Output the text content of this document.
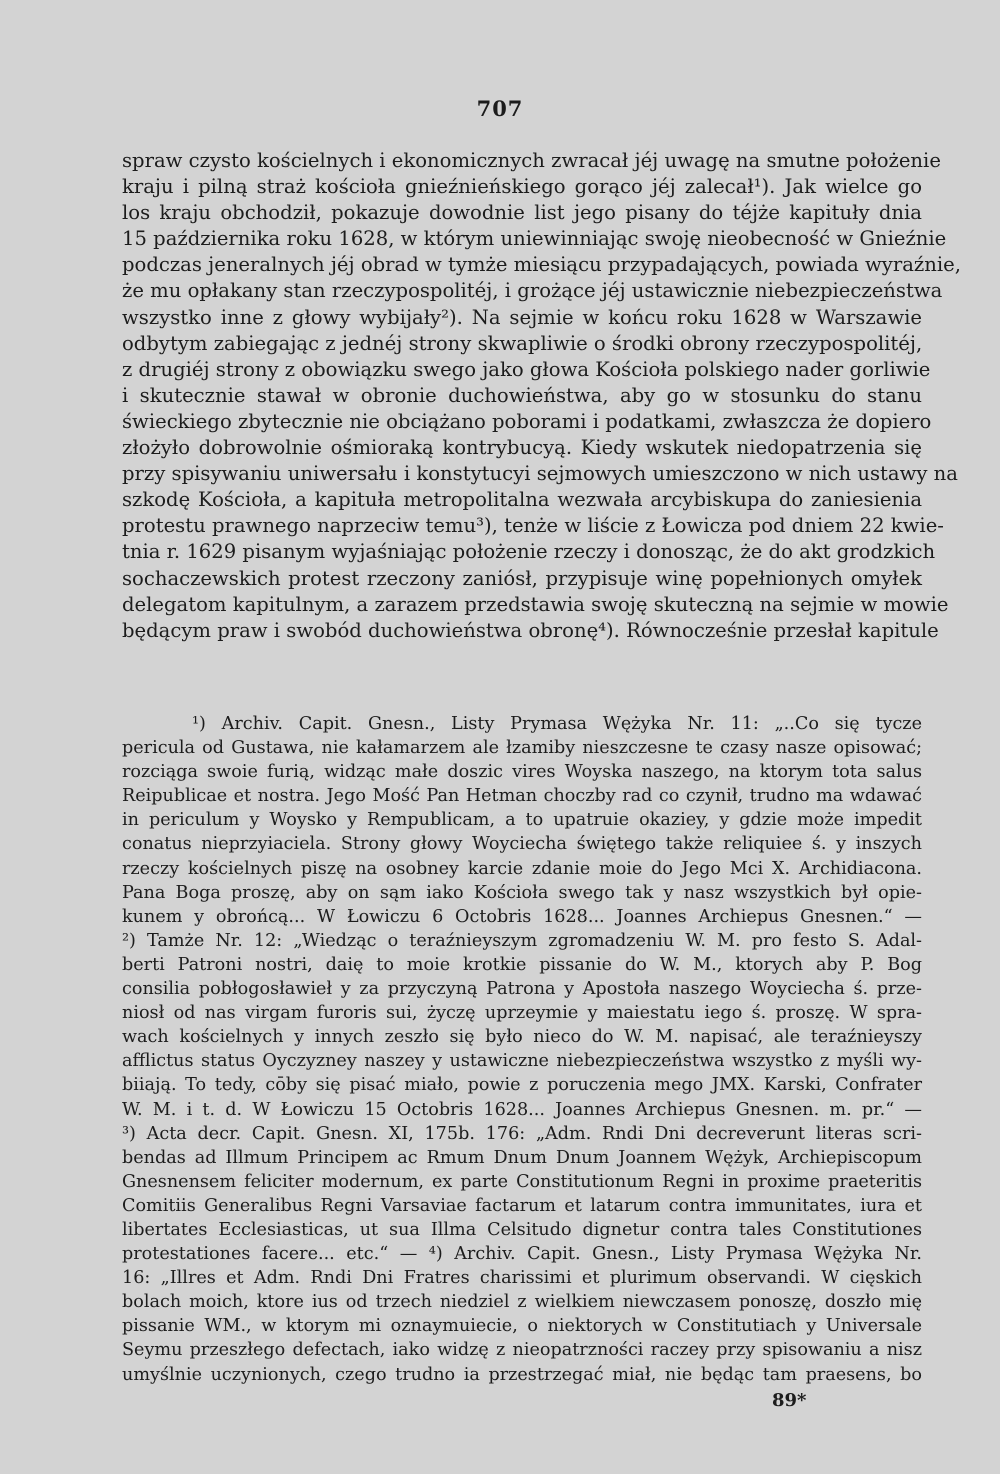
707
spraw czysto kościelnych i ekonomicznych zwracał jéj uwagę na smutne położenie
kraju i pilną straż kościoła gnieźnieńskiego gorąco jéj zalecał¹). Jak wielce go
los kraju obchodził, pokazuje dowodnie list jego pisany do téjże kapituły dnia
15 października roku 1628, w którym uniewinniając swoję nieobecność w Gnieźnie
podczas jeneralnych jéj obrad w tymże miesiącu przypadających, powiada wyraźnie,
że mu opłakany stan rzeczypospolitéj, i grożące jéj ustawicznie niebezpieczeństwa
wszystko inne z głowy wybijały²). Na sejmie w końcu roku 1628 w Warszawie
odbytym zabiegając z jednéj strony skwapliwie o środki obrony rzeczypospolitéj,
z drugiéj strony z obowiązku swego jako głowa Kościoła polskiego nader gorliwie
i skutecznie stawał w obronie duchowieństwa, aby go w stosunku do stanu
świeckiego zbytecznie nie obciążano poborami i podatkami, zwłaszcza że dopiero
złożyło dobrowolnie ośmioraką kontrybucyą. Kiedy wskutek niedopatrzenia się
przy spisywaniu uniwersału i konstytucyi sejmowych umieszczono w nich ustawy na
szkodę Kościoła, a kapituła metropolitalna wezwała arcybiskupa do zaniesienia
protestu prawnego naprzeciw temu³), tenże w liście z Łowicza pod dniem 22 kwie-
tnia r. 1629 pisanym wyjaśniając położenie rzeczy i donosząc, że do akt grodzkich
sochaczewskich protest rzeczony zaniósł, przypisuje winę popełnionych omyłek
delegatom kapitulnym, a zarazem przedstawia swoję skuteczną na sejmie w mowie
będącym praw i swobód duchowieństwa obronę⁴). Równocześnie przesłał kapitule
¹) Archiv. Capit. Gnesn., Listy Prymasa Wężyka Nr. 11: „..Co się tycze
pericula od Gustawa, nie kałamarzem ale łzamiby nieszczesne te czasy nasze opisować;
rozciąga swoie furią, widząc małe doszic vires Woyska naszego, na ktorym tota salus
Reipublicae et nostra. Jego Mość Pan Hetman choczby rad co czynił, trudno ma wdawać
in periculum y Woysko y Rempublicam, a to upatruie okaziey, y gdzie może impedit
conatus nieprzyiaciela. Strony głowy Woyciecha świętego także reliquiee ś. y inszych
rzeczy kościelnych piszę na osobney karcie zdanie moie do Jego Mci X. Archidiacona.
Pana Boga proszę, aby on sąm iako Kościoła swego tak y nasz wszystkich był opie-
kunem y obrońcą... W Łowiczu 6 Octobris 1628... Joannes Archiepus Gnesnen.“ —
²) Tamże Nr. 12: „Wiedząc o teraźnieyszym zgromadzeniu W. M. pro festo S. Adal-
berti Patroni nostri, daię to moie krotkie pissanie do W. M., ktorych aby P. Bog
consilia pobłogosławieł y za przyczyną Patrona y Apostoła naszego Woyciecha ś. prze-
niosł od nas virgam furoris sui, życzę uprzeymie y maiestatu iego ś. proszę. W spra-
wach kościelnych y innych zeszło się było nieco do W. M. napisać, ale teraźnieyszy
afflictus status Oyczyzney naszey y ustawiczne niebezpieczeństwa wszystko z myśli wy-
biiają. To tedy, cōby się pisać miało, powie z poruczenia mego JMX. Karski, Confrater
W. M. i t. d. W Łowiczu 15 Octobris 1628... Joannes Archiepus Gnesnen. m. pr.“ —
³) Acta decr. Capit. Gnesn. XI, 175b. 176: „Adm. Rndi Dni decreverunt literas scri-
bendas ad Illmum Principem ac Rmum Dnum Dnum Joannem Wężyk, Archiepiscopum
Gnesnensem feliciter modernum, ex parte Constitutionum Regni in proxime praeteritis
Comitiis Generalibus Regni Varsaviae factarum et latarum contra immunitates, iura et
libertates Ecclesiasticas, ut sua Illma Celsitudo dignetur contra tales Constitutiones
protestationes facere... etc.“ — ⁴) Archiv. Capit. Gnesn., Listy Prymasa Wężyka Nr.
16: „Illres et Adm. Rndi Dni Fratres charissimi et plurimum observandi. W cięskich
bolach moich, ktore ius od trzech niedziel z wielkiem niewczasem ponoszę, doszło mię
pissanie WM., w ktorym mi oznaymuiecie, o niektorych w Constitutiach y Universale
Seymu przeszłego defectach, iako widzę z nieopatrzności raczey przy spisowaniu a nisz
umyślnie uczynionych, czego trudno ia przestrzegać miał, nie będąc tam praesens, bo
89*
